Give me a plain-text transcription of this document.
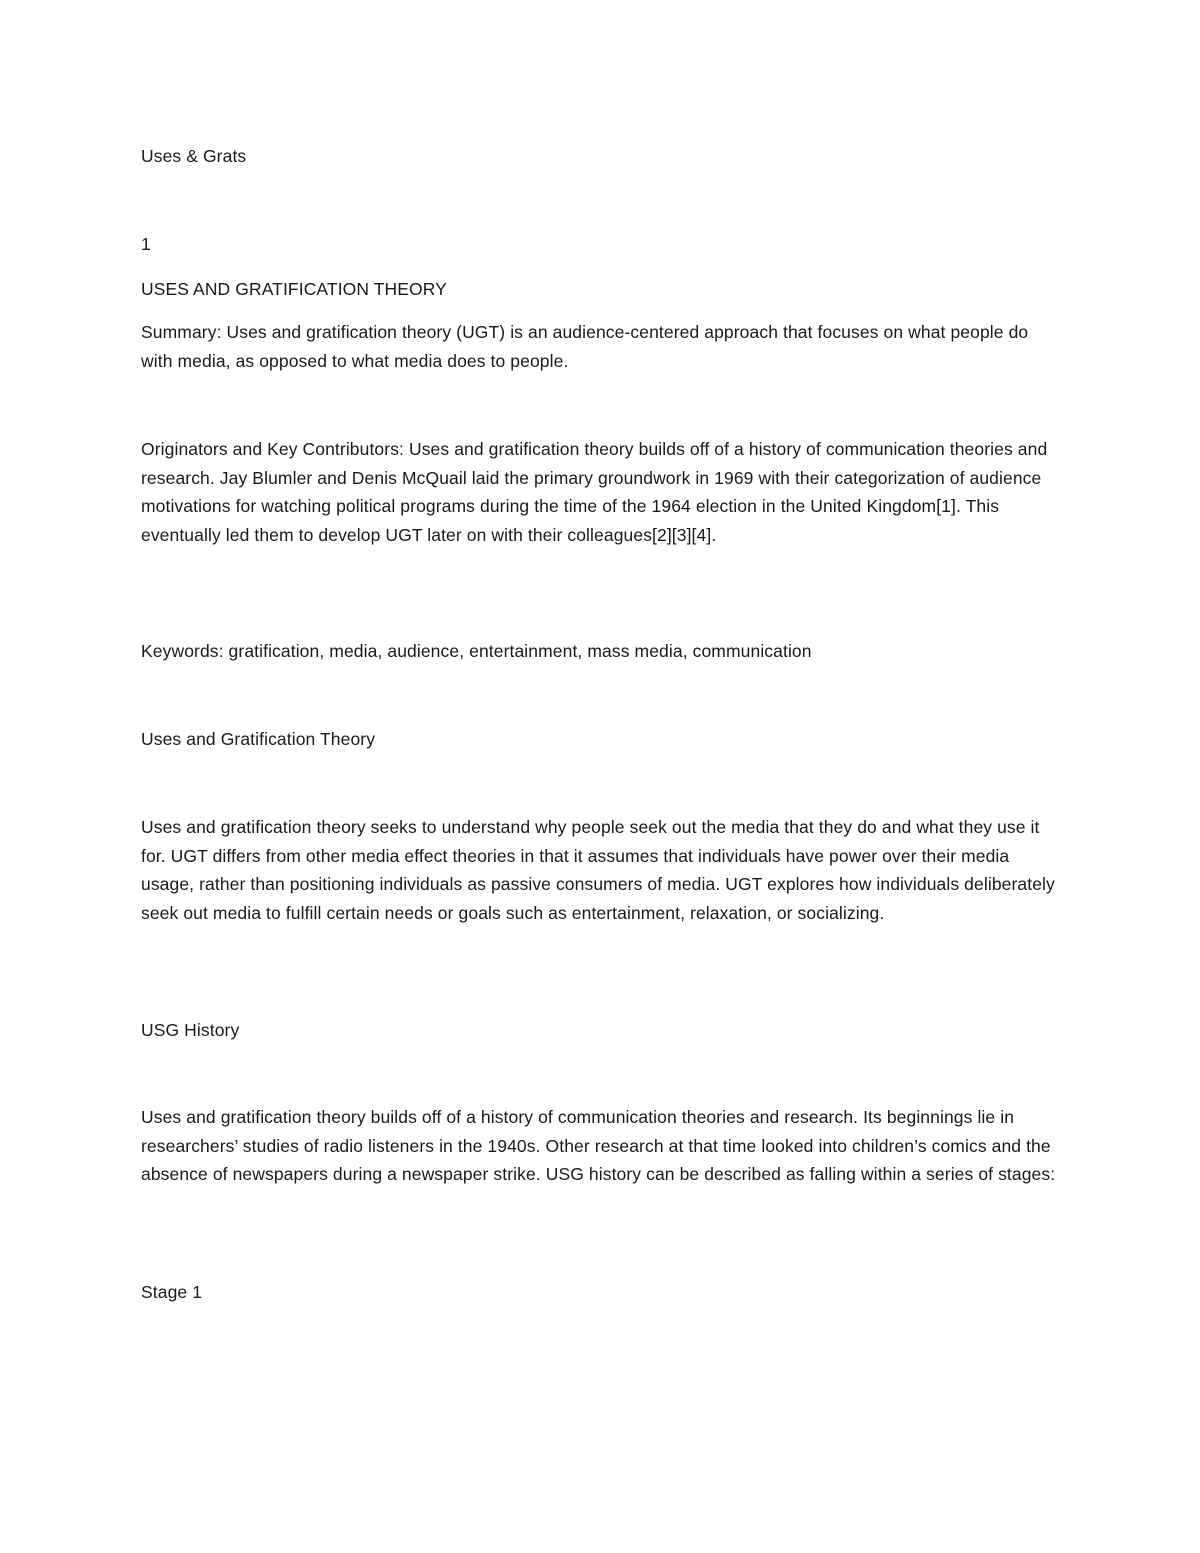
Uses & Grats

1

USES AND GRATIFICATION THEORY

Summary: Uses and gratification theory (UGT) is an audience-centered approach that focuses on what people do with media, as opposed to what media does to people.

Originators and Key Contributors: Uses and gratification theory builds off of a history of communication theories and research. Jay Blumler and Denis McQuail laid the primary groundwork in 1969 with their categorization of audience motivations for watching political programs during the time of the 1964 election in the United Kingdom[1]. This eventually led them to develop UGT later on with their colleagues[2][3][4].

Keywords: gratification, media, audience, entertainment, mass media, communication

Uses and Gratification Theory

Uses and gratification theory seeks to understand why people seek out the media that they do and what they use it for. UGT differs from other media effect theories in that it assumes that individuals have power over their media usage, rather than positioning individuals as passive consumers of media. UGT explores how individuals deliberately seek out media to fulfill certain needs or goals such as entertainment, relaxation, or socializing.

USG History

Uses and gratification theory builds off of a history of communication theories and research. Its beginnings lie in researchers’ studies of radio listeners in the 1940s. Other research at that time looked into children’s comics and the absence of newspapers during a newspaper strike. USG history can be described as falling within a series of stages:

Stage 1
